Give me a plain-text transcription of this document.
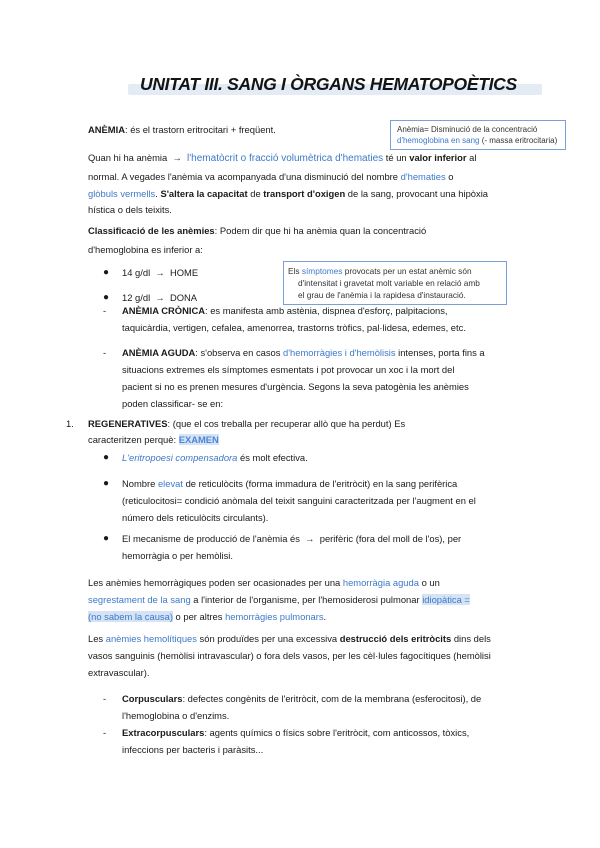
UNITAT III. SANG I ÒRGANS HEMATOPOÈTICS
ANÈMIA: és el trastorn eritrocitari + freqüent.	Anèmia= Disminució de la concentració
d'hemoglobina en sang (- massa eritrocitaria)
Quan hi ha anèmia → l'hematòcrit o fracció volumètrica d'hematies té un valor inferior al
normal. A vegades l'anèmia va acompanyada d'una disminució del nombre d'hematies o
glòbuls vermells. S'altera la capacitat de transport d'oxigen de la sang, provocant una hipòxia
hística o dels teixits.
Classificació de les anèmies: Podem dir que hi ha anèmia quan la concentració
d'hemoglobina es inferior a:
● 14 g/dl → HOME
● 12 g/dl → DONA
Els símptomes provocats per un estat anèmic són
d'intensitat i gravetat molt variable en relació amb
el grau de l'anèmia i la rapidesa d'instauració.
- ANÈMIA CRÒNICA: es manifesta amb astènia, dispnea d'esforç, palpitacions,
taquicàrdia, vertigen, cefalea, amenorrea, trastorns tròfics, pal·lidesa, edemes, etc.
- ANÈMIA AGUDA: s'observa en casos d'hemorràgies i d'hemòlisis intenses, porta fins a
situacions extremes els símptomes esmentats i pot provocar un xoc i la mort del
pacient si no es prenen mesures d'urgència. Segons la seva patogènia les anèmies
poden classificar- se en:
1. REGENERATIVES: (que el cos treballa per recuperar allò que ha perdut) Es
caracteritzen perquè: EXAMEN
● L'eritropoesi compensadora és molt efectiva.
● Nombre elevat de reticulòcits (forma immadura de l'eritròcit) en la sang perifèrica
(reticulocitosi= condició anòmala del teixit sanguini caracteritzada per l'augment en el
número dels reticulòcits circulants).
● El mecanisme de producció de l'anèmia és → perifèric (fora del moll de l'os), per
hemorràgia o per hemòlisi.
Les anèmies hemorràgiques poden ser ocasionades per una hemorràgia aguda o un
segrestament de la sang a l'interior de l'organisme, per l'hemosiderosi pulmonar idiopàtica =
(no sabem la causa) o per altres hemorràgies pulmonars.
Les anèmies hemolítiques són produïdes per una excessiva destrucció dels eritròcits dins dels
vasos sanguinis (hemòlisi intravascular) o fora dels vasos, per les cèl·lules fagocítiques (hemòlisi
extravascular).
- Corpusculars: defectes congènits de l'eritròcit, com de la membrana (esferocitosi), de
l'hemoglobina o d'enzims.
- Extracorpusculars: agents químics o físics sobre l'eritròcit, com anticossos, tòxics,
infeccions per bacteris i paràsits...
